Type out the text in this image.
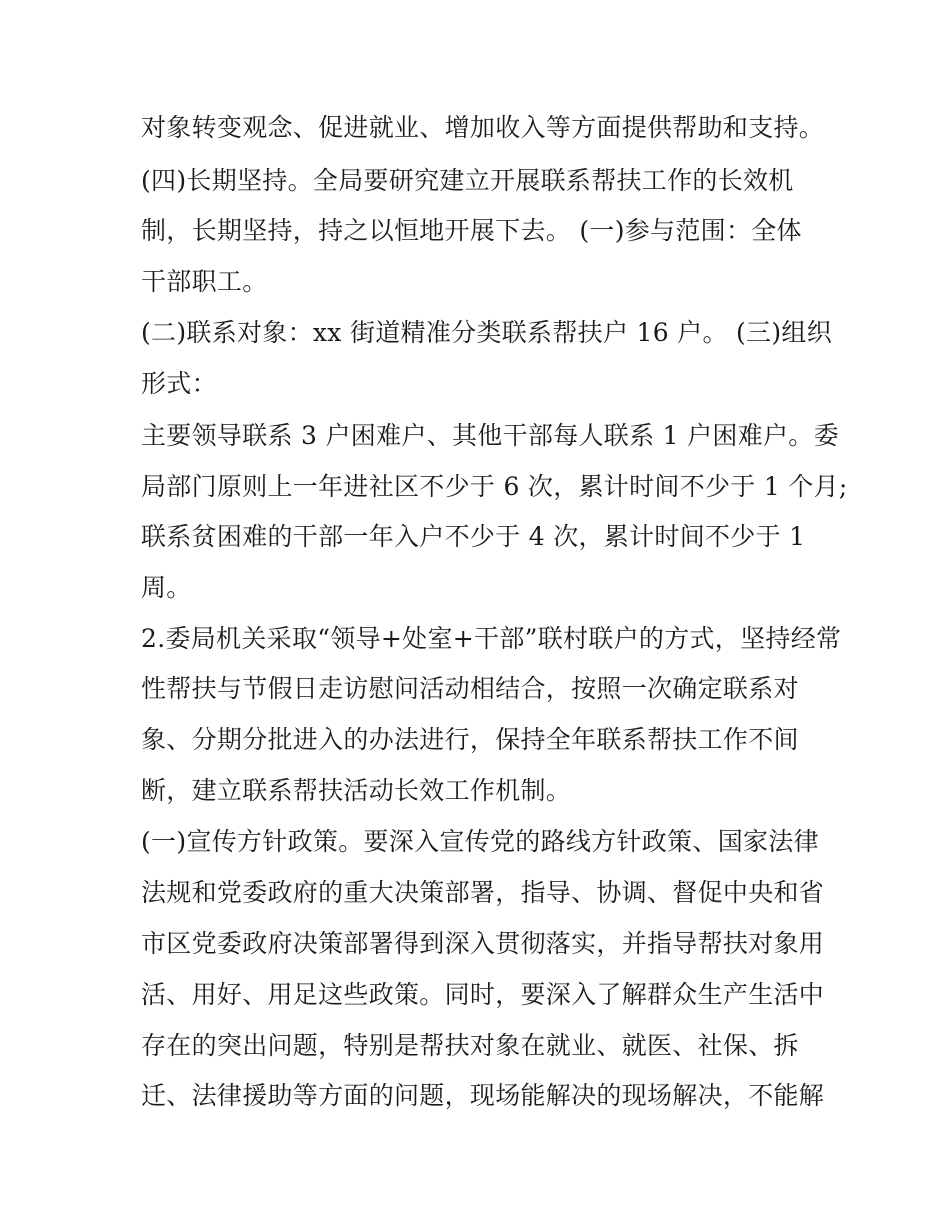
对象转变观念、促进就业、增加收入等方面提供帮助和支持。
(四)长期坚持。全局要研究建立开展联系帮扶工作的长效机
制，长期坚持，持之以恒地开展下去。 (一)参与范围：全体
干部职工。
(二)联系对象：xx 街道精准分类联系帮扶户 16 户。 (三)组织
形式：
主要领导联系 3 户困难户、其他干部每人联系 1 户困难户。委
局部门原则上一年进社区不少于 6 次，累计时间不少于 1 个月;
联系贫困难的干部一年入户不少于 4 次，累计时间不少于 1
周。
2.委局机关采取“领导+处室+干部”联村联户的方式，坚持经常
性帮扶与节假日走访慰问活动相结合，按照一次确定联系对
象、分期分批进入的办法进行，保持全年联系帮扶工作不间
断，建立联系帮扶活动长效工作机制。
(一)宣传方针政策。要深入宣传党的路线方针政策、国家法律
法规和党委政府的重大决策部署，指导、协调、督促中央和省
市区党委政府决策部署得到深入贯彻落实，并指导帮扶对象用
活、用好、用足这些政策。同时，要深入了解群众生产生活中
存在的突出问题，特别是帮扶对象在就业、就医、社保、拆
迁、法律援助等方面的问题，现场能解决的现场解决，不能解
